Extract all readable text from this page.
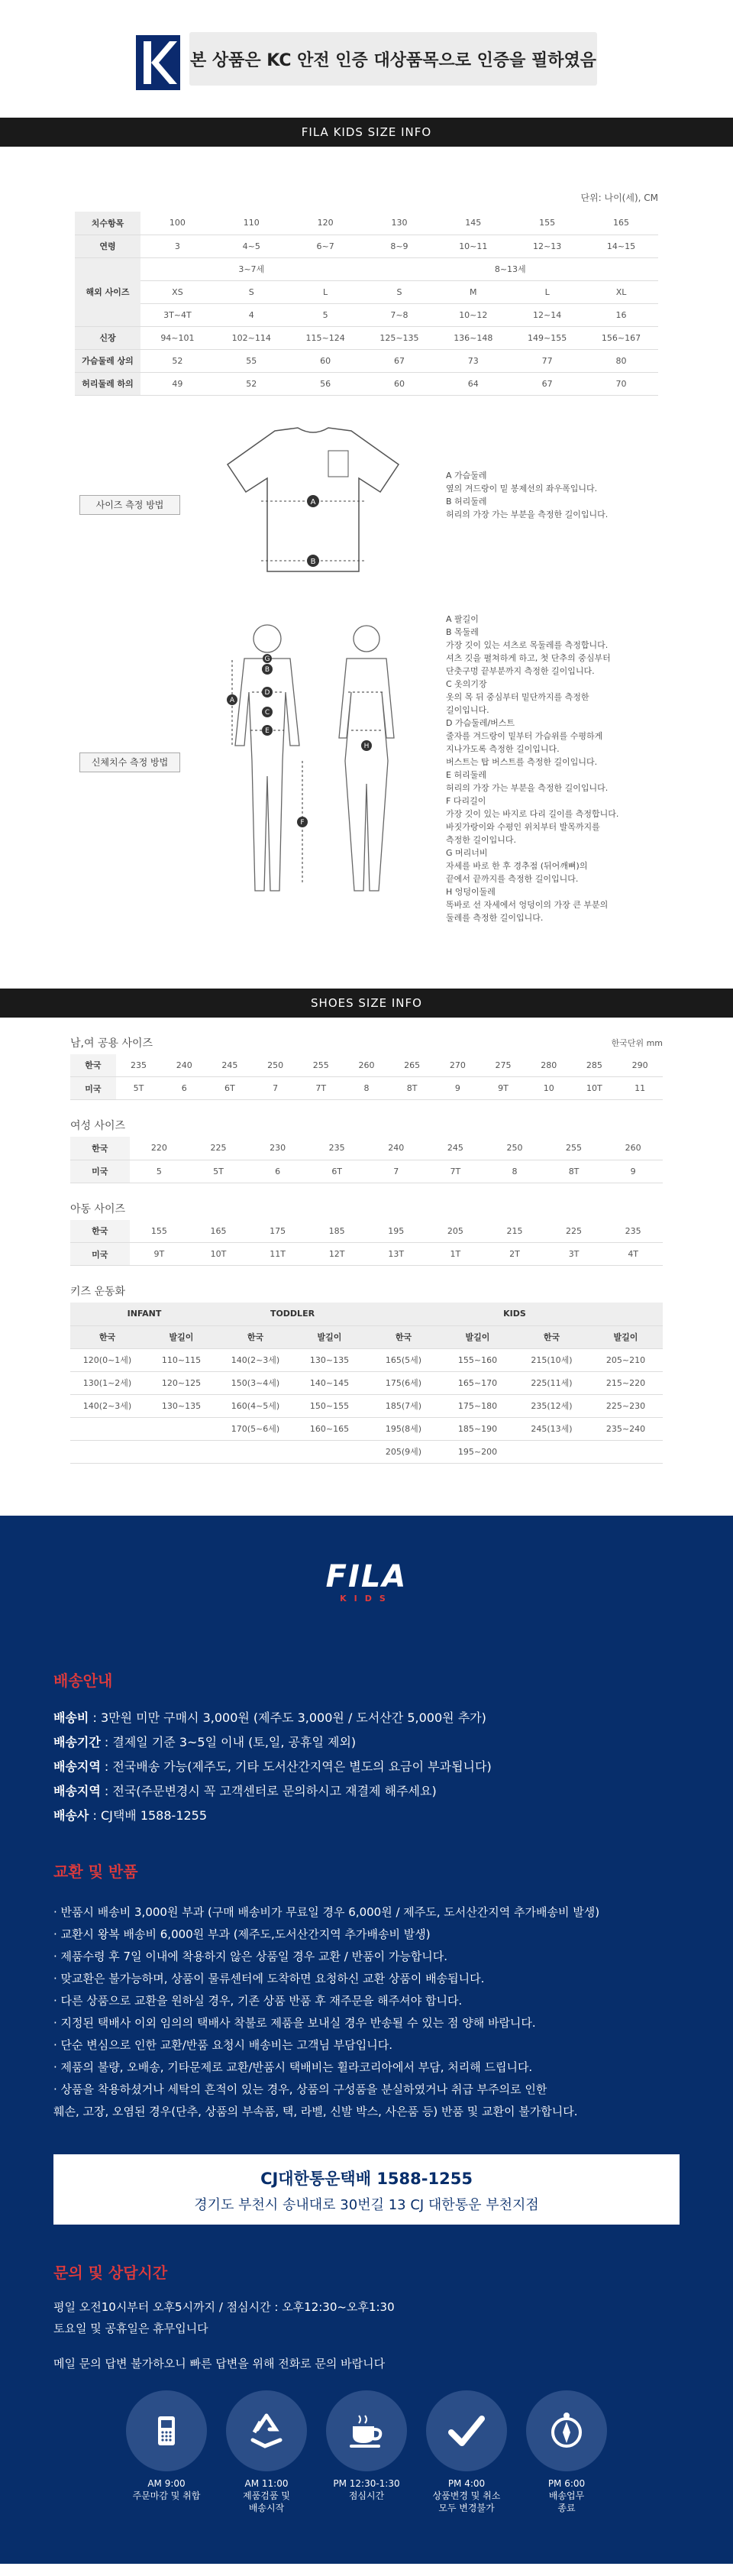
본 상품은 KC 안전 인증 대상품목으로 인증을 필하였음
FILA KIDS SIZE INFO
단위: 나이(세), CM
치수항목	100	110	120	130	145	155	165
연령	3	4~5	6~7	8~9	10~11	12~13	14~15
해외 사이즈	3~7세			8~13세			
	XS	S	L	S	M	L	XL
	3T~4T	4	5	7~8	10~12	12~14	16
신장	94~101	102~114	115~124	125~135	136~148	149~155	156~167
가슴둘레 상의	52	55	60	67	73	77	80
허리둘레 하의	49	52	56	60	64	67	70
A
B
사이즈 측정 방법
A 가슴둘레
옆의 겨드랑이 밑 봉제선의 좌우폭입니다.
B 허리둘레
허리의 가장 가는 부분을 측정한 길이입니다.
A
B
C
D
E
F
G
H
신체치수 측정 방법
A 팔길이
B 목둘레
가장 깃이 있는 셔츠로 목둘레를 측정합니다.
셔츠 깃을 펼쳐하게 하고, 첫 단추의 중심부터
단춧구멍 끝부분까지 측정한 길이입니다.
C 옷의기장
옷의 목 뒤 중심부터 밑단까지를 측정한
길이입니다.
D 가슴둘레/버스트
줄자를 겨드랑이 밑부터 가슴위를 수평하게
지나가도록 측정한 길이입니다.
버스트는 탑 버스트를 측정한 길이입니다.
E 허리둘레
허리의 가장 가는 부분을 측정한 길이입니다.
F 다리길이
가장 깃이 있는 바지로 다리 길이를 측정합니다.
바짓가랑이와 수평인 위치부터 발목까지를
측정한 길이입니다.
G 머리너비
자세를 바로 한 후 경추점 (뒤어깨뼈)의
끝에서 끝까지를 측정한 길이입니다.
H 엉덩이둘레
똑바로 선 자세에서 엉덩이의 가장 큰 부분의
둘레를 측정한 길이입니다.
SHOES SIZE INFO
남,여 공용 사이즈	한국단위 mm
한국	235	240	245	250	255	260	265	270	275	280	285	290
미국	5T	6	6T	7	7T	8	8T	9	9T	10	10T	11
여성 사이즈
한국	220	225	230	235	240	245	250	255	260
미국	5	5T	6	6T	7	7T	8	8T	9
아동 사이즈
한국	155	165	175	185	195	205	215	225	235
미국	9T	10T	11T	12T	13T	1T	2T	3T	4T
키즈 운동화
INFANT		TODDLER		KIDS			
한국	발길이	한국	발길이	한국	발길이	한국	발길이
120(0~1세)	110~115	140(2~3세)	130~135	165(5세)	155~160	215(10세)	205~210
130(1~2세)	120~125	150(3~4세)	140~145	175(6세)	165~170	225(11세)	215~220
140(2~3세)	130~135	160(4~5세)	150~155	185(7세)	175~180	235(12세)	225~230
		170(5~6세)	160~165	195(8세)	185~190	245(13세)	235~240
				205(9세)	195~200		
FILA
KIDS
배송안내
배송비 : 3만원 미만 구매시 3,000원 (제주도 3,000원 / 도서산간 5,000원 추가)
배송기간 : 결제일 기준 3~5일 이내 (토,일, 공휴일 제외)
배송지역 : 전국배송 가능(제주도, 기타 도서산간지역은 별도의 요금이 부과됩니다)
배송지역 : 전국(주문변경시 꼭 고객센터로 문의하시고 재결제 해주세요)
배송사 : CJ택배 1588-1255
교환 및 반품
· 반품시 배송비 3,000원 부과 (구매 배송비가 무료일 경우 6,000원 / 제주도, 도서산간지역 추가배송비 발생)
· 교환시 왕복 배송비 6,000원 부과 (제주도,도서산간지역 추가배송비 발생)
· 제품수령 후 7일 이내에 착용하지 않은 상품일 경우 교환 / 반품이 가능합니다.
· 맞교환은 불가능하며, 상품이 물류센터에 도착하면 요청하신 교환 상품이 배송됩니다.
· 다른 상품으로 교환을 원하실 경우, 기존 상품 반품 후 재주문을 해주셔야 합니다.
· 지정된 택배사 이외 임의의 택배사 착불로 제품을 보내실 경우 반송될 수 있는 점 양해 바랍니다.
· 단순 변심으로 인한 교환/반품 요청시 배송비는 고객님 부담입니다.
· 제품의 불량, 오배송, 기타문제로 교환/반품시 택배비는 휠라코리아에서 부담, 처리해 드립니다.
· 상품을 착용하셨거나 세탁의 흔적이 있는 경우, 상품의 구성품을 분실하였거나 취급 부주의로 인한
훼손, 고장, 오염된 경우(단추, 상품의 부속품, 택, 라벨, 신발 박스, 사은품 등) 반품 및 교환이 불가합니다.
CJ대한통운택배 1588-1255
경기도 부천시 송내대로 30번길 13 CJ 대한통운 부천지점
문의 및 상담시간
평일 오전10시부터 오후5시까지 / 점심시간 : 오후12:30~오후1:30
토요일 및 공휴일은 휴무입니다
메일 문의 답변 불가하오니 빠른 답변을 위해 전화로 문의 바랍니다
AM 9:00
주문마감 및 취합
AM 11:00
제품검품 및
배송시작
PM 12:30-1:30
점심시간
PM 4:00
상품변경 및 취소
모두 변경불가
PM 6:00
배송업무
종료
